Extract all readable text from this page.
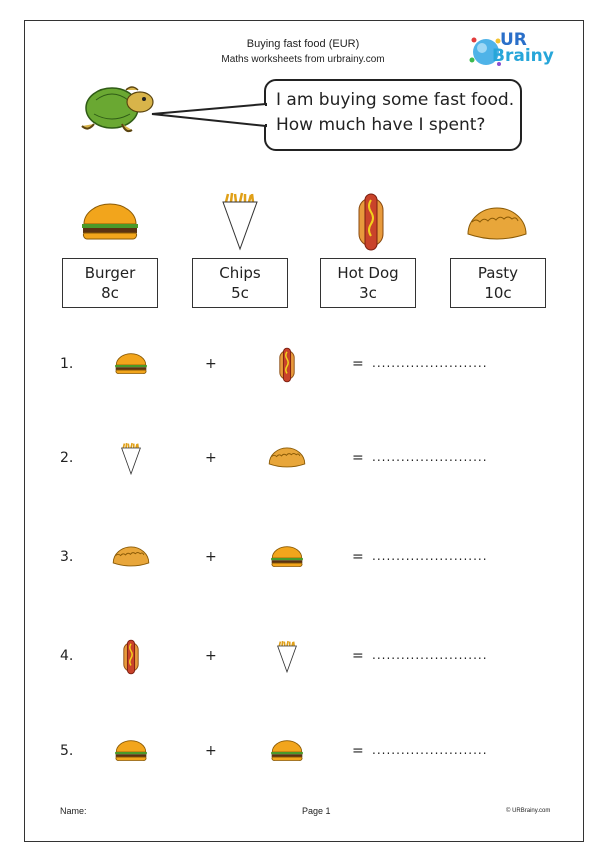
Buying fast food (EUR)
Maths worksheets from urbrainy.com
UR
Brainy
I am buying some fast food.
How much have I spent?
Burger
8c
Chips
5c
Hot Dog
3c
Pasty
10c
1.	+	= ........................
2.	+	= ........................
3.	+	= ........................
4.	+	= ........................
5.	+	= ........................
Name:	Page 1	© URBrainy.com
